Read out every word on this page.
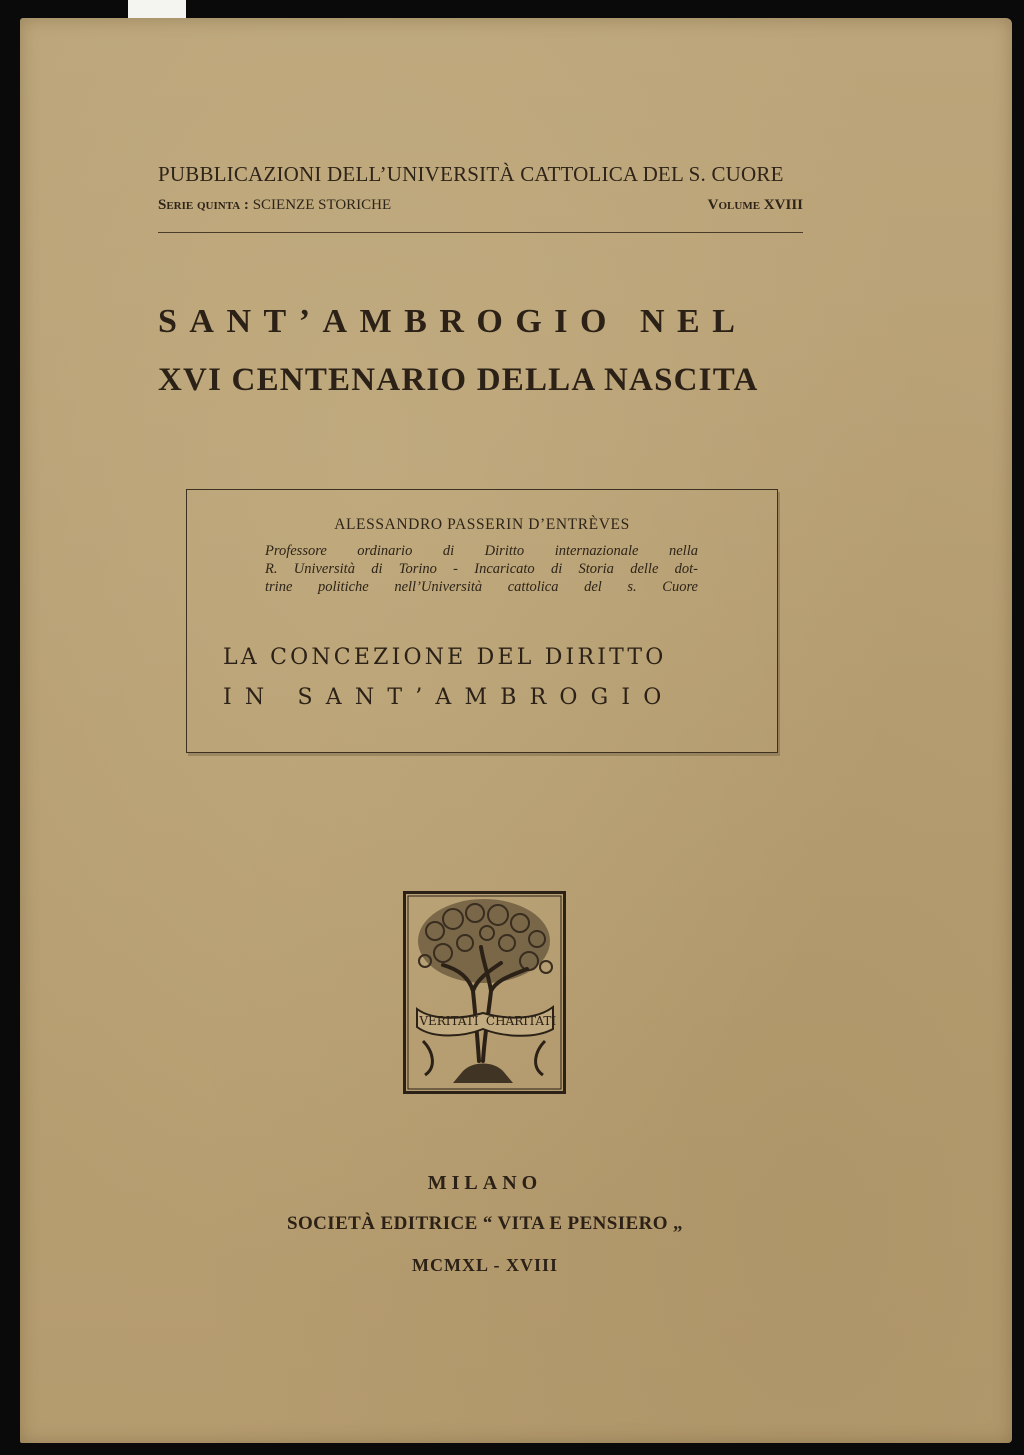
PUBBLICAZIONI DELL’UNIVERSITÀ CATTOLICA DEL S. CUORE
Serie quinta : SCIENZE STORICHE	Volume XVIII
SANT’AMBROGIO NEL
XVI CENTENARIO DELLA NASCITA
ALESSANDRO PASSERIN D’ENTRÈVES
Professore ordinario di Diritto internazionale nella
R. Università di Torino - Incaricato di Storia delle dot-
trine politiche nell’Università cattolica del s. Cuore
LA CONCEZIONE DEL DIRITTO
IN SANT’AMBROGIO
VERITATI CHARITATI
MILANO
SOCIETÀ EDITRICE “ VITA E PENSIERO „
MCMXL - XVIII
